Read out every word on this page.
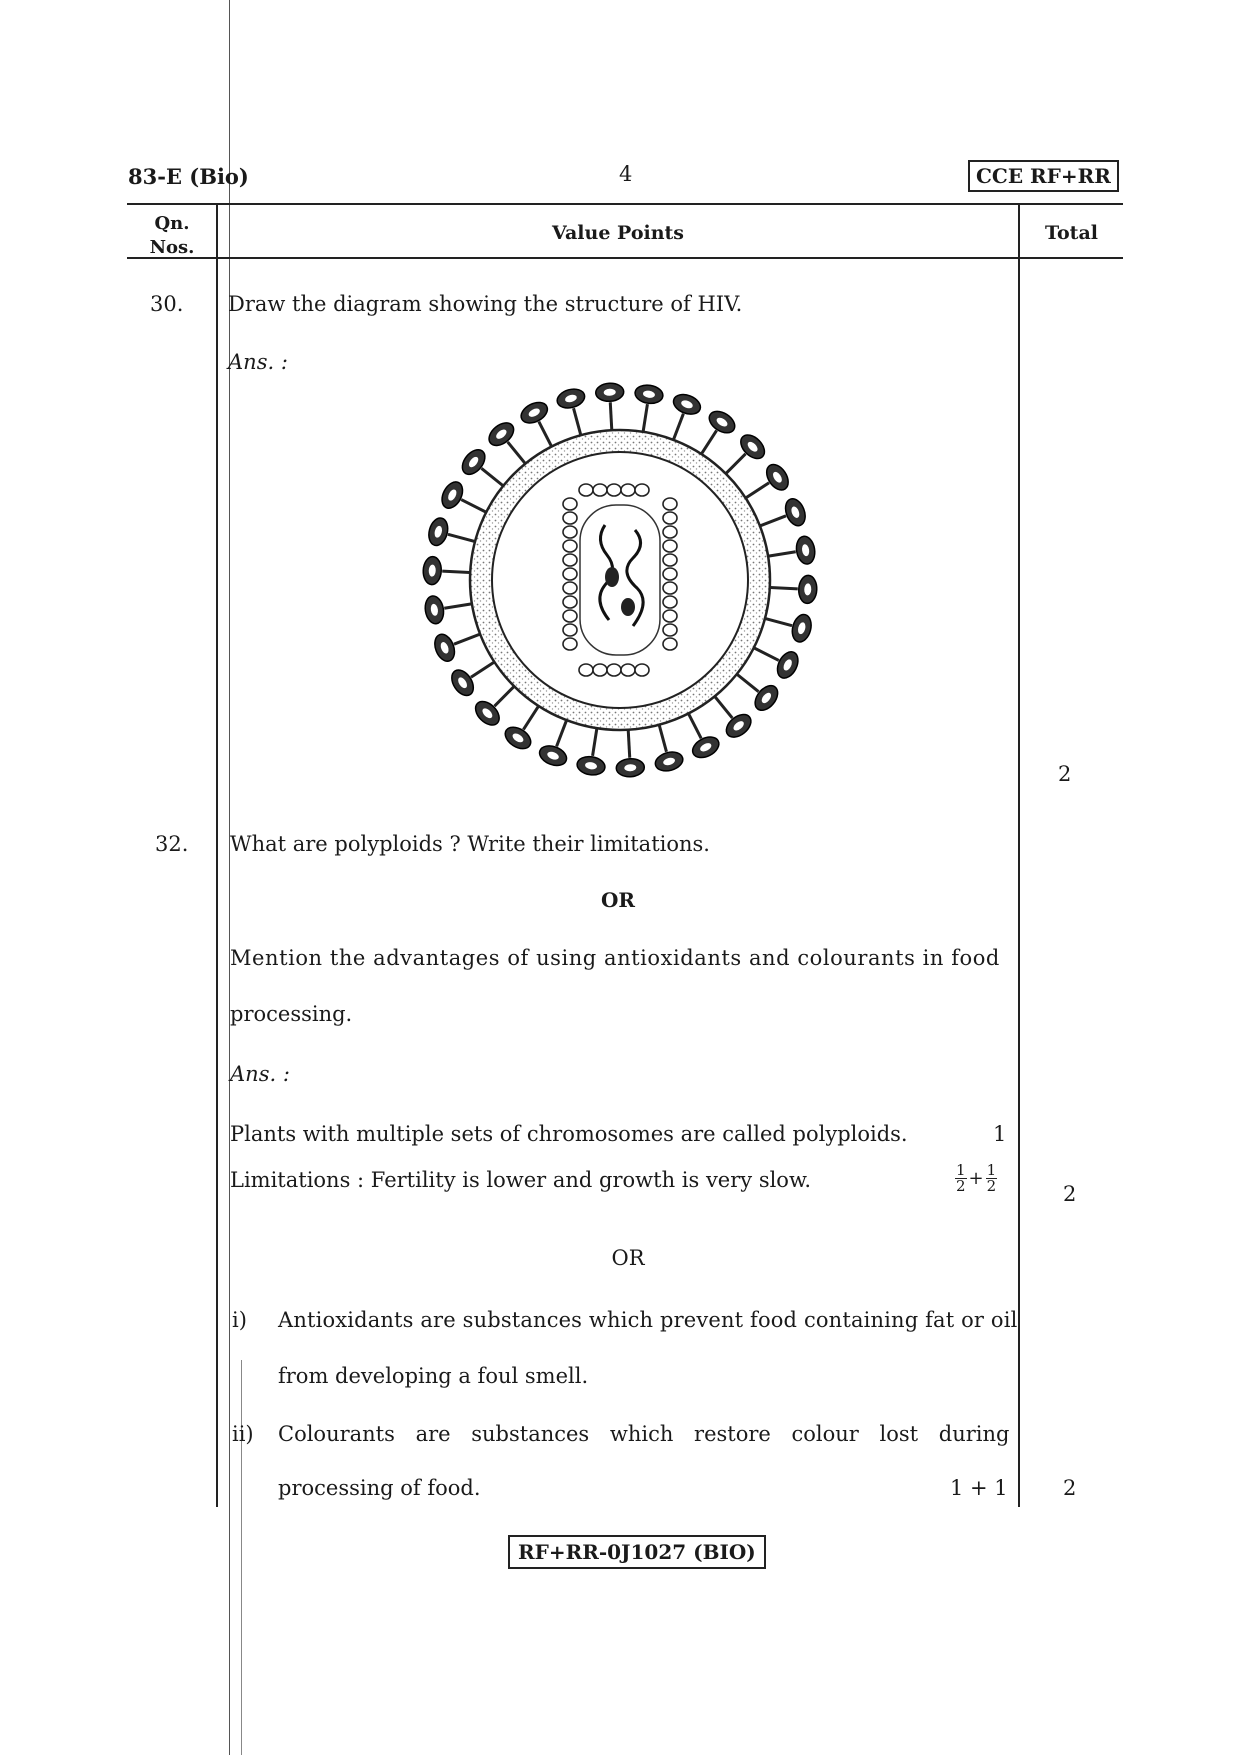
83-E (Bio)	4	CCE RF+RR
Qn.
Nos.
Value Points	Total
30. Draw the diagram showing the structure of HIV.
Ans. :
2
32. What are polyploids ? Write their limitations.
OR
Mention the advantages of using antioxidants and colourants in food
processing.
Ans. :
Plants with multiple sets of chromosomes are called polyploids.	1
Limitations : Fertility is lower and growth is very slow.	$\frac{1}{2} + \frac{1}{2}$	2
OR
i) Antioxidants are substances which prevent food containing fat or oil
from developing a foul smell.
ii) Colourants are substances which restore colour lost during
processing of food.	1 + 1	2
RF+RR-0J1027 (BIO)
